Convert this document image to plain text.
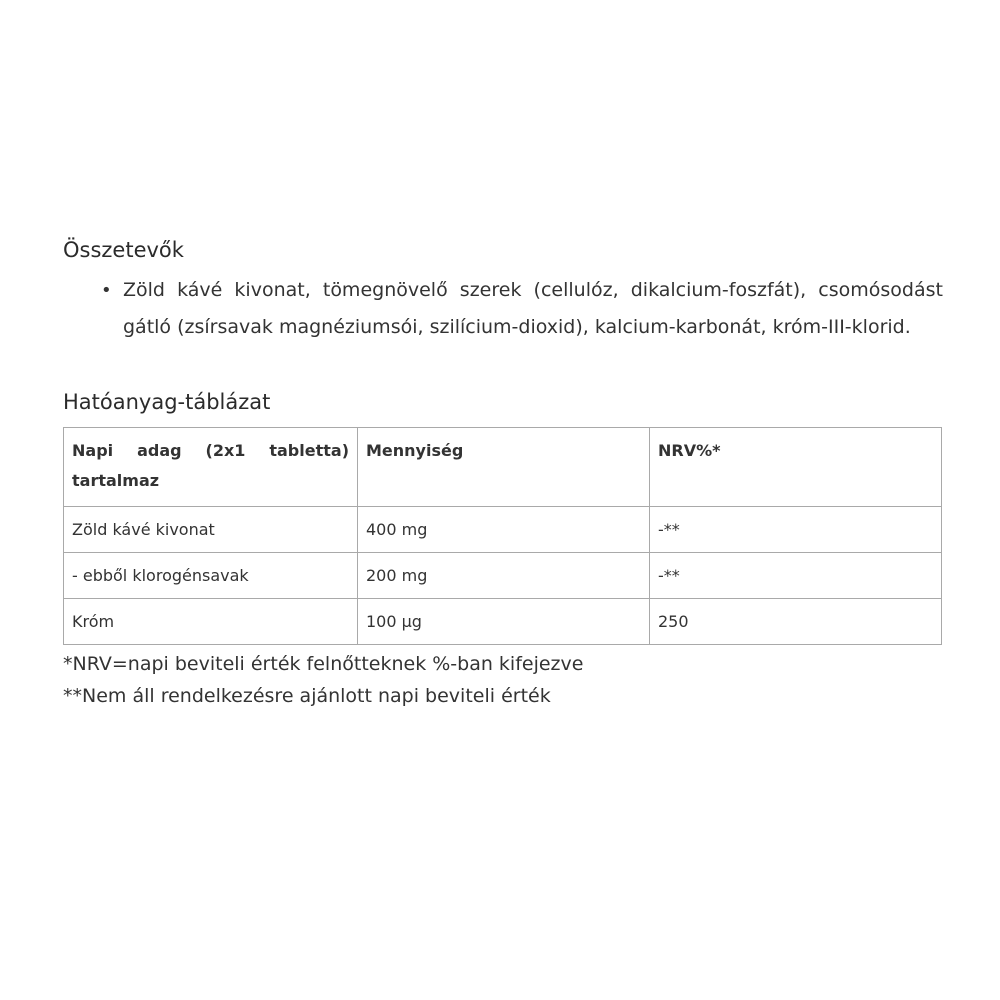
Összetevők
• Zöld kávé kivonat, tömegnövelő szerek (cellulóz, dikalcium-foszfát), csomósodást gátló (zsírsavak magnéziumsói, szilícium-dioxid), kalcium-karbonát, króm-III-klorid.
Hatóanyag-táblázat
Napi adag (2x1 tabletta) tartalmaz	Mennyiség	NRV%*
Zöld kávé kivonat	400 mg	-**
- ebből klorogénsavak	200 mg	-**
Króm	100 µg	250
*NRV=napi beviteli érték felnőtteknek %-ban kifejezve
**Nem áll rendelkezésre ajánlott napi beviteli érték
